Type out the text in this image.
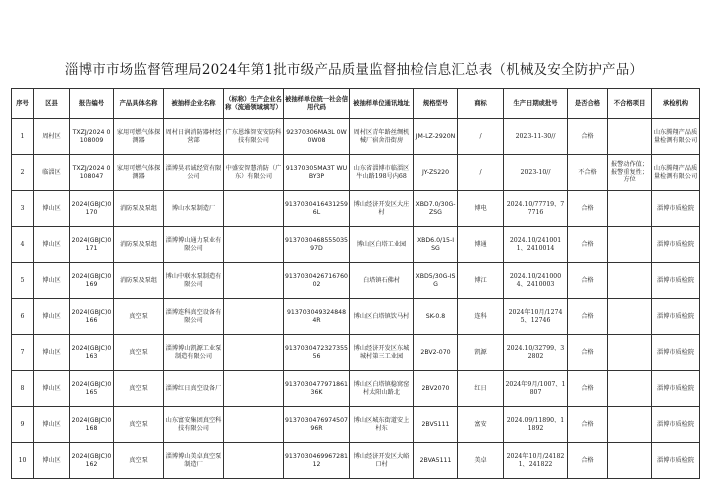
淄博市市场监督管理局2024年第1批市级产品质量监督抽检信息汇总表（机械及安全防护产品）
序号	区县	报告编号	产品具体名称	被抽样企业名称	（标称）生产企业名称（流通领域填写）	被抽样单位统一社会信用代码	被抽样单位通讯地址	规格型号	商标	生产日期或批号	是否合格	不合格项目	承检机构
1	周村区	TXZJ/2024 0108009	家用可燃气体探测器	周村日润消防器材经营部	广东恩维智安安防科技有限公司	92370306MA3L 0W0W08	周村区青年路丝绸机械厂宿舍沿街房	JM-LZ-2920N	/	2023-11-30//	合格		山东腾翔产品质量检测有限公司
2	临淄区	TXZJ/2024 0108047	家用可燃气体探测器	淄博昊君诚经贸有限公司	中盛安智慧消防（广东）有限公司	91370305MA3T WUBY3P	山东省淄博市临淄区牛山路198号内68	JY-ZS220	/	2023-10//	不合格	报警动作值；报警重复性；方位	山东腾翔产品质量检测有限公司
3	博山区	2024(GBJC)0170	消防泵及泵组	博山水泵制造厂		91370304164312596L	博山经济开发区大庄村	XBD7.0/30G-ZSG	博电	2024.10/77719、77716	合格		淄博市质检院
4	博山区	2024(GBJC)0171	消防泵及泵组	淄博博山通力泵业有限公司		913703046855503597D	博山区白塔工业园	XBD6.0/15-ISG	博通	2024.10/2410011、2410014	合格		淄博市质检院
5	博山区	2024(GBJC)0169	消防泵及泵组	博山中联水泵制造有限公司		913703042671676002	白塔镇石佛村	XBD5/30G-ISG	博江	2024.10/2410004、2410003	合格		淄博市质检院
6	博山区	2024(GBJC)0166	真空泵	淄博连科真空设备有限公司		913703049324848 4R	博山区白塔镇饮马村	SK-0.8	连科	2024年10月/12745、12746	合格		淄博市质检院
7	博山区	2024(GBJC)0163	真空泵	淄博博山凯源工业泵制造有限公司		913703047232735556	博山经济开发区东城城村第三工业园	2BV2-070	凯源	2024.10/32799、32802	合格		淄博市质检院
8	博山区	2024(GBJC)0165	真空泵	淄博红日真空设备厂		913703047797186136K	博山区白塔镇稳窝窑村太阳山路北	2BV2070	红日	2024年9月/1007、1807	合格		淄博市质检院
9	博山区	2024(GBJC)0168	真空泵	山东富安集团真空科技有限公司		913703047697450796R	博山区城东街道安上村东	2BV5111	富安	2024.09/11890、11892	合格		淄博市质检院
10	博山区	2024(GBJC)0162	真空泵	淄博博山美卓真空泵制造厂		913703046996728112	博山经济开发区大峪口村	2BVA5111	美卓	2024年10月/241821、241822	合格		淄博市质检院
